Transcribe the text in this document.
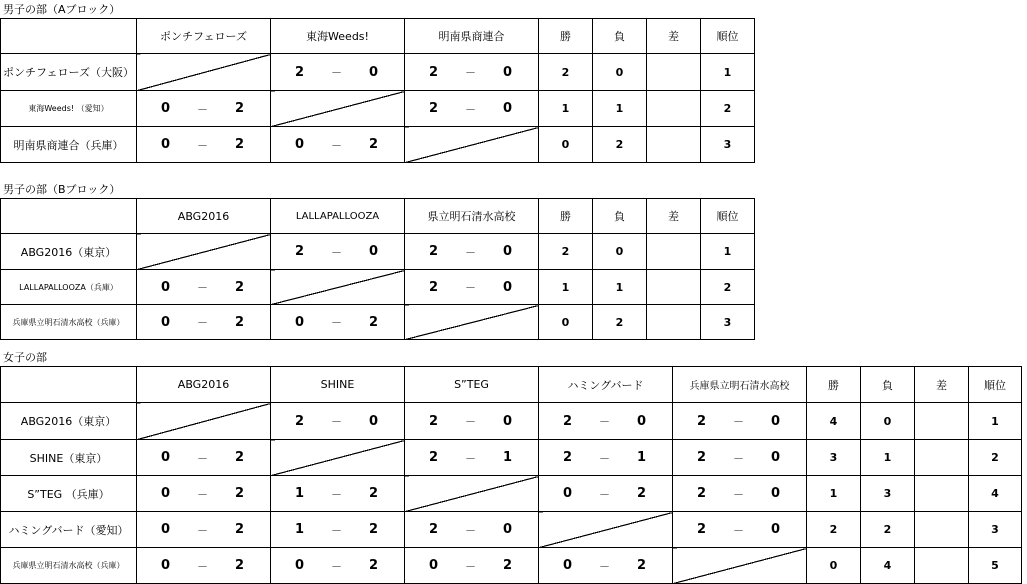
男子の部（Aブロック）
	ポンチフェローズ	東海Weeds!	明南県商連合	勝	負	差	順位
ポンチフェローズ（大阪）		2 － 0	2 － 0	2	0		1
東海Weeds! （愛知）	0 － 2		2 － 0	1	1		2
明南県商連合（兵庫）	0 － 2	0 － 2		0	2		3
男子の部（Bブロック）
	ABG2016	LALLAPALLOOZA	県立明石清水高校	勝	負	差	順位
ABG2016（東京）		2 － 0	2 － 0	2	0		1
LALLAPALLOOZA（兵庫）	0 － 2		2 － 0	1	1		2
兵庫県立明石清水高校（兵庫）	0 － 2	0 － 2		0	2		3
女子の部
	ABG2016	SHINE	S”TEG	ハミングバード	兵庫県立明石清水高校	勝	負	差	順位
ABG2016（東京）		2 － 0	2 － 0	2 － 0	2 － 0	4	0		1
SHINE（東京）	0 － 2		2 － 1	2 － 1	2 － 0	3	1		2
S”TEG （兵庫）	0 － 2	1 － 2		0 － 2	2 － 0	1	3		4
ハミングバード（愛知）	0 － 2	1 － 2	2 － 0		2 － 0	2	2		3
兵庫県立明石清水高校（兵庫）	0 － 2	0 － 2	0 － 2	0 － 2		0	4		5
